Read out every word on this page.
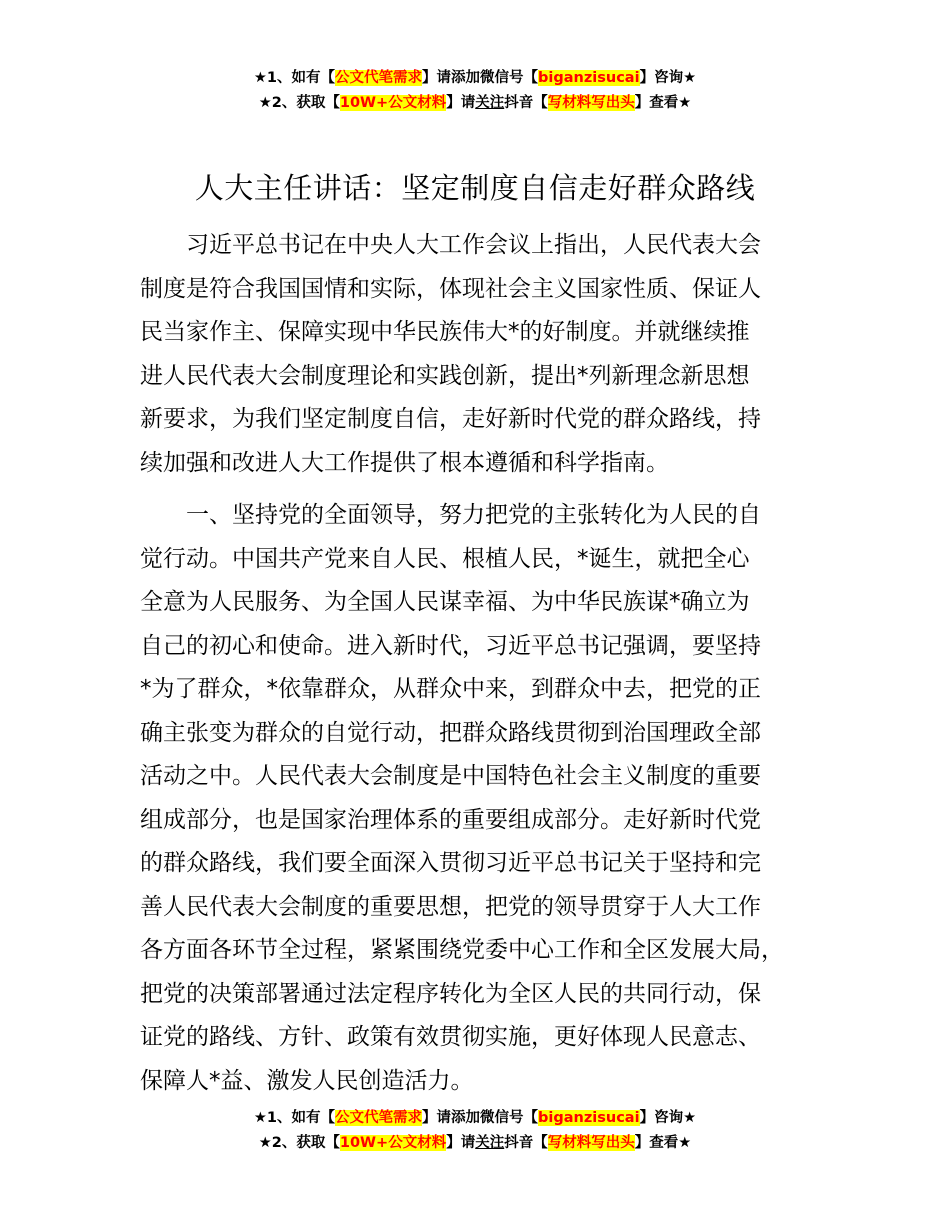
★1、如有【公文代笔需求】请添加微信号【biganzisucai】咨询★
★2、获取【10W+公文材料】请关注抖音【写材料写出头】查看★
人大主任讲话：坚定制度自信走好群众路线
习近平总书记在中央人大工作会议上指出，人民代表大会
制度是符合我国国情和实际，体现社会主义国家性质、保证人
民当家作主、保障实现中华民族伟大*的好制度。并就继续推
进人民代表大会制度理论和实践创新，提出*列新理念新思想
新要求，为我们坚定制度自信，走好新时代党的群众路线，持
续加强和改进人大工作提供了根本遵循和科学指南。
一、坚持党的全面领导，努力把党的主张转化为人民的自
觉行动。中国共产党来自人民、根植人民，*诞生，就把全心
全意为人民服务、为全国人民谋幸福、为中华民族谋*确立为
自己的初心和使命。进入新时代，习近平总书记强调，要坚持
*为了群众，*依靠群众，从群众中来，到群众中去，把党的正
确主张变为群众的自觉行动，把群众路线贯彻到治国理政全部
活动之中。人民代表大会制度是中国特色社会主义制度的重要
组成部分，也是国家治理体系的重要组成部分。走好新时代党
的群众路线，我们要全面深入贯彻习近平总书记关于坚持和完
善人民代表大会制度的重要思想，把党的领导贯穿于人大工作
各方面各环节全过程，紧紧围绕党委中心工作和全区发展大局，
把党的决策部署通过法定程序转化为全区人民的共同行动，保
证党的路线、方针、政策有效贯彻实施，更好体现人民意志、
保障人*益、激发人民创造活力。
★1、如有【公文代笔需求】请添加微信号【biganzisucai】咨询★
★2、获取【10W+公文材料】请关注抖音【写材料写出头】查看★
